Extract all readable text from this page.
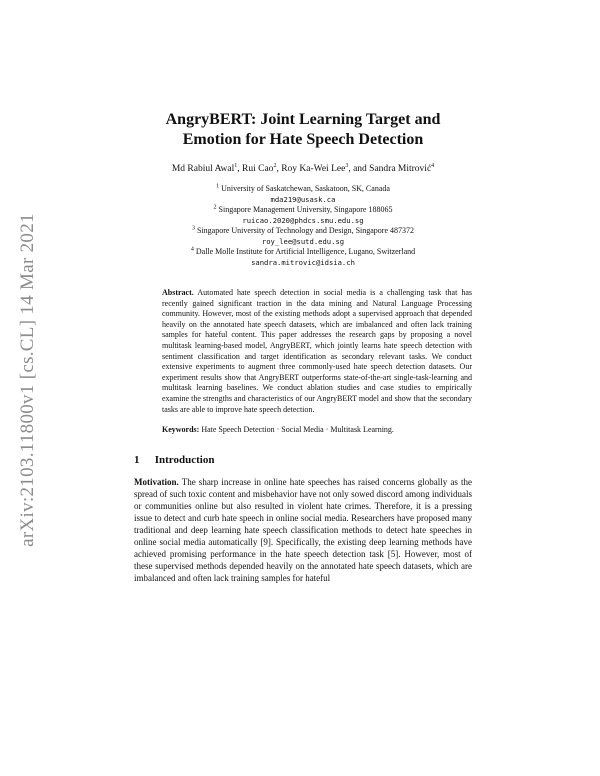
arXiv:2103.11800v1 [cs.CL] 14 Mar 2021
AngryBERT: Joint Learning Target and
Emotion for Hate Speech Detection
Md Rabiul Awal$^1$, Rui Cao$^2$, Roy Ka-Wei Lee$^3$, and Sandra Mitrović$^4$

$^1$ University of Saskatchewan, Saskatoon, SK, Canada

mda219@usask.ca

$^2$ Singapore Management University, Singapore 188065

ruicao.2020@phdcs.smu.edu.sg

$^3$ Singapore University of Technology and Design, Singapore 487372

roy_lee@sutd.edu.sg

$^4$ Dalle Molle Institute for Artificial Intelligence, Lugano, Switzerland

sandra.mitrovic@idsia.ch

Abstract. Automated hate speech detection in social media is a challenging task that has recently gained significant traction in the data mining and Natural Language Processing community. However, most of the existing methods adopt a supervised approach that depended heavily on the annotated hate speech datasets, which are imbalanced and often lack training samples for hateful content. This paper addresses the research gaps by proposing a novel multitask learning-based model, AngryBERT, which jointly learns hate speech detection with sentiment classification and target identification as secondary relevant tasks. We conduct extensive experiments to augment three commonly-used hate speech detection datasets. Our experiment results show that AngryBERT outperforms state-of-the-art single-task-learning and multitask learning baselines. We conduct ablation studies and case studies to empirically examine the strengths and characteristics of our AngryBERT model and show that the secondary tasks are able to improve hate speech detection.
Keywords: Hate Speech Detection · Social Media · Multitask Learning.
1 Introduction
Motivation. The sharp increase in online hate speeches has raised concerns globally as the spread of such toxic content and misbehavior have not only sowed discord among individuals or communities online but also resulted in violent hate crimes. Therefore, it is a pressing issue to detect and curb hate speech in online social media. Researchers have proposed many traditional and deep learning hate speech classification methods to detect hate speeches in online social media automatically [9]. Specifically, the existing deep learning methods have achieved promising performance in the hate speech detection task [5]. However, most of these supervised methods depended heavily on the annotated hate speech datasets, which are imbalanced and often lack training samples for hateful
